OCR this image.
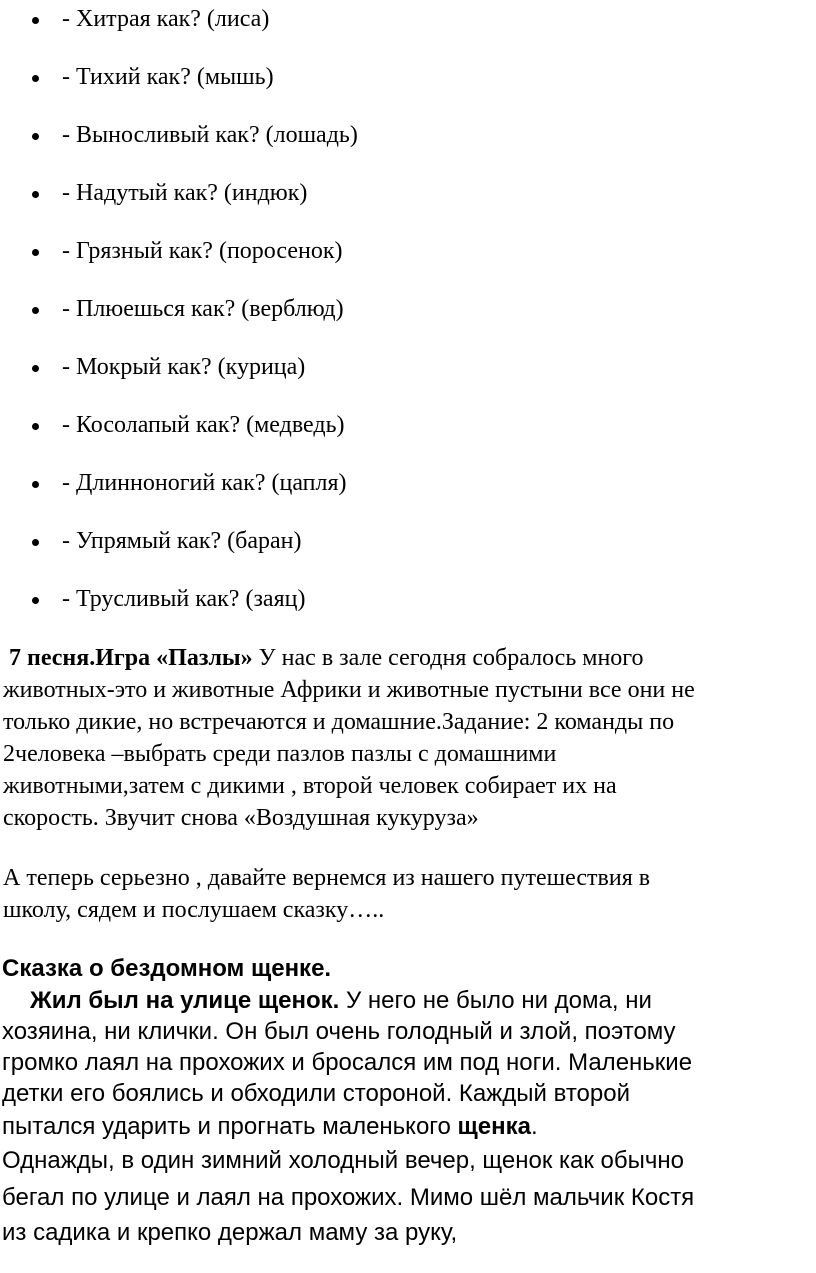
- Хитрая как? (лиса)
- Тихий как? (мышь)
- Выносливый как? (лошадь)
- Надутый как? (индюк)
- Грязный как? (поросенок)
- Плюешься как? (верблюд)
- Мокрый как? (курица)
- Косолапый как? (медведь)
- Длинноногий как? (цапля)
- Упрямый как? (баран)
- Трусливый как? (заяц)
7 песня.Игра «Пазлы» У нас в зале сегодня собралось много
животных-это и животные Африки и животные пустыни все они не
только дикие, но встречаются и домашние.Задание: 2 команды по
2человека –выбрать среди пазлов пазлы с домашними
животными,затем с дикими , второй человек собирает их на
скорость. Звучит снова «Воздушная кукуруза»
А теперь серьезно , давайте вернемся из нашего путешествия в
школу, сядем и послушаем сказку…..
Сказка о бездомном щенке.
Жил был на улице щенок. У него не было ни дома, ни
хозяина, ни клички. Он был очень голодный и злой, поэтому
громко лаял на прохожих и бросался им под ноги. Маленькие
детки его боялись и обходили стороной. Каждый второй
пытался ударить и прогнать маленького щенка.
Однажды, в один зимний холодный вечер, щенок как обычно
бегал по улице и лаял на прохожих. Мимо шёл мальчик Костя
из садика и крепко держал маму за руку,
